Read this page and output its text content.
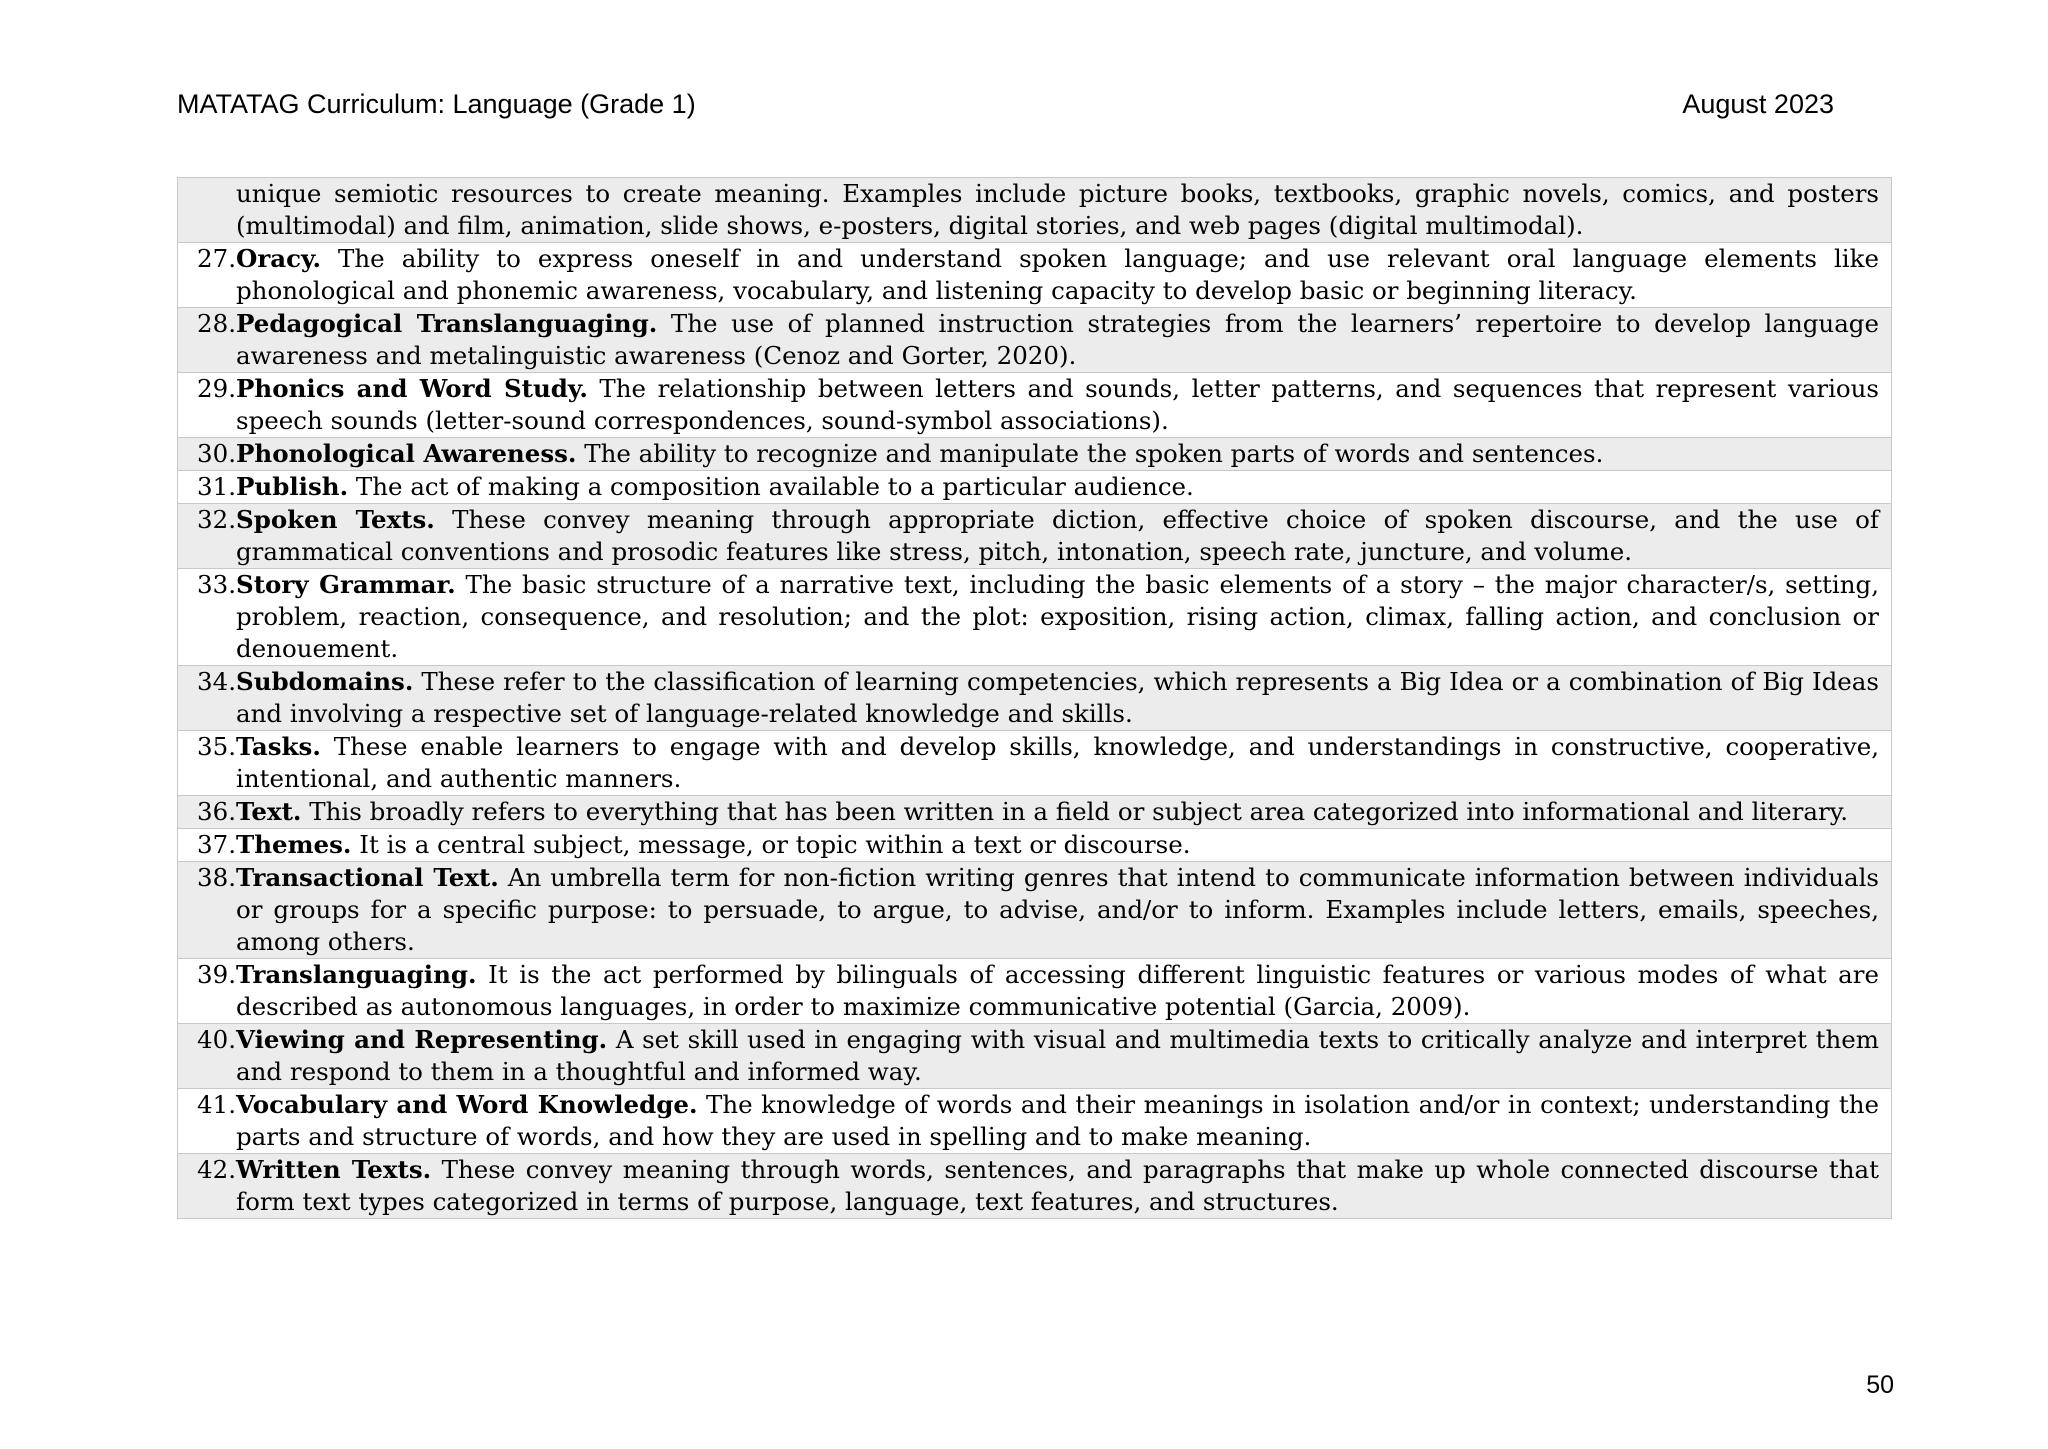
MATATAG Curriculum: Language (Grade 1)	August 2023
unique semiotic resources to create meaning. Examples include picture books, textbooks, graphic novels, comics, and posters (multimodal) and film, animation, slide shows, e-posters, digital stories, and web pages (digital multimodal).
27. Oracy. The ability to express oneself in and understand spoken language; and use relevant oral language elements like phonological and phonemic awareness, vocabulary, and listening capacity to develop basic or beginning literacy.
28. Pedagogical Translanguaging. The use of planned instruction strategies from the learners’ repertoire to develop language awareness and metalinguistic awareness (Cenoz and Gorter, 2020).
29. Phonics and Word Study. The relationship between letters and sounds, letter patterns, and sequences that represent various speech sounds (letter-sound correspondences, sound-symbol associations).
30. Phonological Awareness. The ability to recognize and manipulate the spoken parts of words and sentences.
31. Publish. The act of making a composition available to a particular audience.
32. Spoken Texts. These convey meaning through appropriate diction, effective choice of spoken discourse, and the use of grammatical conventions and prosodic features like stress, pitch, intonation, speech rate, juncture, and volume.
33. Story Grammar. The basic structure of a narrative text, including the basic elements of a story – the major character/s, setting, problem, reaction, consequence, and resolution; and the plot: exposition, rising action, climax, falling action, and conclusion or denouement.
34. Subdomains. These refer to the classification of learning competencies, which represents a Big Idea or a combination of Big Ideas and involving a respective set of language-related knowledge and skills.
35. Tasks. These enable learners to engage with and develop skills, knowledge, and understandings in constructive, cooperative, intentional, and authentic manners.
36. Text. This broadly refers to everything that has been written in a field or subject area categorized into informational and literary.
37. Themes. It is a central subject, message, or topic within a text or discourse.
38. Transactional Text. An umbrella term for non-fiction writing genres that intend to communicate information between individuals or groups for a specific purpose: to persuade, to argue, to advise, and/or to inform. Examples include letters, emails, speeches, among others.
39. Translanguaging. It is the act performed by bilinguals of accessing different linguistic features or various modes of what are described as autonomous languages, in order to maximize communicative potential (Garcia, 2009).
40. Viewing and Representing. A set skill used in engaging with visual and multimedia texts to critically analyze and interpret them and respond to them in a thoughtful and informed way.
41. Vocabulary and Word Knowledge. The knowledge of words and their meanings in isolation and/or in context; understanding the parts and structure of words, and how they are used in spelling and to make meaning.
42. Written Texts. These convey meaning through words, sentences, and paragraphs that make up whole connected discourse that form text types categorized in terms of purpose, language, text features, and structures.
50
